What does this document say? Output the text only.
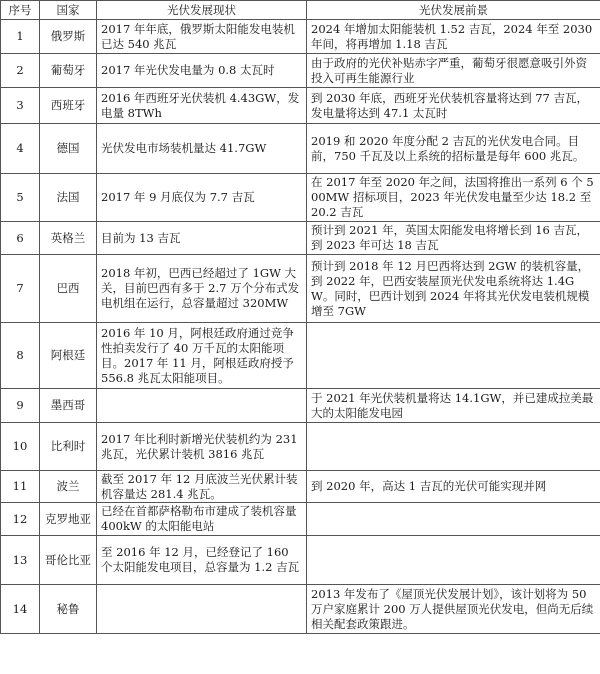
序号	国家	光伏发展现状	光伏发展前景
1	俄罗斯	2017 年年底，俄罗斯太阳能发电装机已达 540 兆瓦	2024 年增加太阳能装机 1.52 吉瓦，2024 年至 2030 年间，将再增加 1.18 吉瓦
2	葡萄牙	2017 年光伏发电量为 0.8 太瓦时	由于政府的光伏补贴赤字严重，葡萄牙很愿意吸引外资投入可再生能源行业
3	西班牙	2016 年西班牙光伏装机 4.43GW，发电量 8TWh	到 2030 年底，西班牙光伏装机容量将达到 77 吉瓦，发电量将达到 47.1 太瓦时
4	德国	光伏发电市场装机量达 41.7GW	2019 和 2020 年度分配 2 吉瓦的光伏发电合同。目前，750 千瓦及以上系统的招标量是每年 600 兆瓦。
5	法国	2017 年 9 月底仅为 7.7 吉瓦	在 2017 年至 2020 年之间，法国将推出一系列 6 个 500MW 招标项目，2023 年光伏发电量至少达 18.2 至 20.2 吉瓦
6	英格兰	目前为 13 吉瓦	预计到 2021 年，英国太阳能发电将增长到 16 吉瓦，到 2023 年可达 18 吉瓦
7	巴西	2018 年初，巴西已经超过了 1GW 大关，目前巴西有多于 2.7 万个分布式发电机组在运行，总容量超过 320MW	预计到 2018 年 12 月巴西将达到 2GW 的装机容量，到 2022 年，巴西安装屋顶光伏发电系统将达 1.4GW。同时，巴西计划到 2024 年将其光伏发电装机规模增至 7GW
8	阿根廷	2016 年 10 月，阿根廷政府通过竞争性拍卖发行了 40 万千瓦的太阳能项目。2017 年 11 月，阿根廷政府授予 556.8 兆瓦太阳能项目。	
9	墨西哥		于 2021 年光伏装机量将达 14.1GW，并已建成拉美最大的太阳能发电园
10	比利时	2017 年比利时新增光伏装机约为 231 兆瓦，光伏累计装机 3816 兆瓦	
11	波兰	截至 2017 年 12 月底波兰光伏累计装机容量达 281.4 兆瓦。	到 2020 年，高达 1 吉瓦的光伏可能实现并网
12	克罗地亚	已经在首都萨格勒布市建成了装机容量 400kW 的太阳能电站	
13	哥伦比亚	至 2016 年 12 月，已经登记了 160 个太阳能发电项目，总容量为 1.2 吉瓦	
14	秘鲁		2013 年发布了《屋顶光伏发展计划》，该计划将为 50 万户家庭累计 200 万人提供屋顶光伏发电，但尚无后续相关配套政策跟进。
